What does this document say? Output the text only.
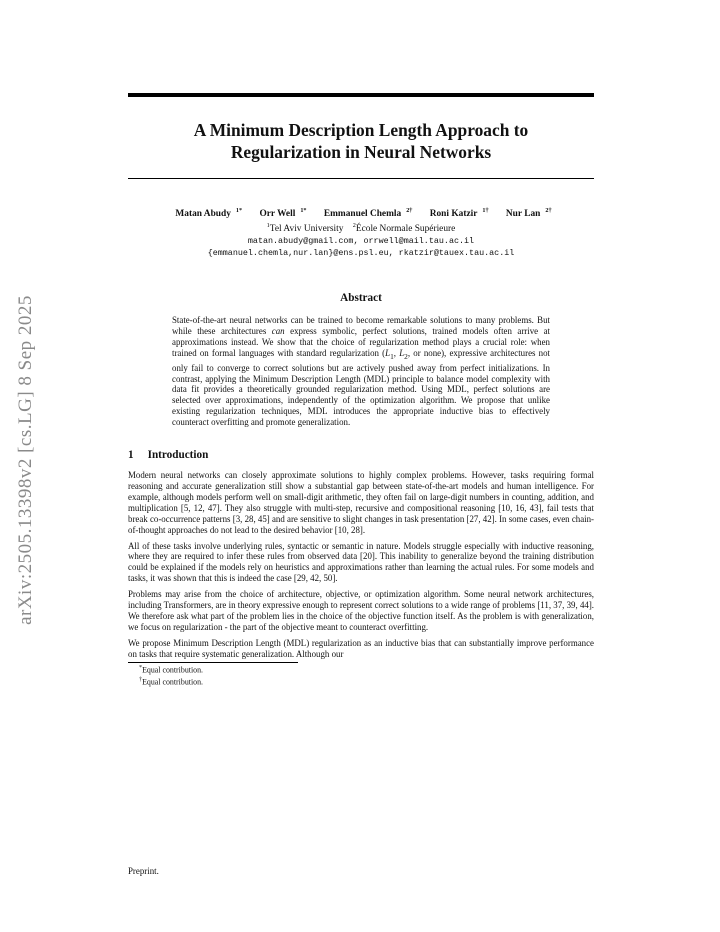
arXiv:2505.13398v2 [cs.LG] 8 Sep 2025
A Minimum Description Length Approach to
Regularization in Neural Networks
Matan Abudy $^{1*}$ Orr Well $^{1*}$ Emmanuel Chemla $^{2\dagger}$ Roni Katzir $^{1\dagger}$ Nur Lan $^{2\dagger}$
$^1$Tel Aviv University $^2$École Normale Supérieure
matan.abudy@gmail.com, orrwell@mail.tau.ac.il
{emmanuel.chemla,nur.lan}@ens.psl.eu, rkatzir@tauex.tau.ac.il
Abstract
State-of-the-art neural networks can be trained to become remarkable solutions to many problems. But while these architectures can express symbolic, perfect solutions, trained models often arrive at approximations instead. We show that the choice of regularization method plays a crucial role: when trained on formal languages with standard regularization ($L_1$, $L_2$, or none), expressive architectures not only fail to converge to correct solutions but are actively pushed away from perfect initializations. In contrast, applying the Minimum Description Length (MDL) principle to balance model complexity with data fit provides a theoretically grounded regularization method. Using MDL, perfect solutions are selected over approximations, independently of the optimization algorithm. We propose that unlike existing regularization techniques, MDL introduces the appropriate inductive bias to effectively counteract overfitting and promote generalization.
1 Introduction
Modern neural networks can closely approximate solutions to highly complex problems. However, tasks requiring formal reasoning and accurate generalization still show a substantial gap between state-of-the-art models and human intelligence. For example, although models perform well on small-digit arithmetic, they often fail on large-digit numbers in counting, addition, and multiplication [5, 12, 47]. They also struggle with multi-step, recursive and compositional reasoning [10, 16, 43], fail tests that break co-occurrence patterns [3, 28, 45] and are sensitive to slight changes in task presentation [27, 42]. In some cases, even chain-of-thought approaches do not lead to the desired behavior [10, 28].
All of these tasks involve underlying rules, syntactic or semantic in nature. Models struggle especially with inductive reasoning, where they are required to infer these rules from observed data [20]. This inability to generalize beyond the training distribution could be explained if the models rely on heuristics and approximations rather than learning the actual rules. For some models and tasks, it was shown that this is indeed the case [29, 42, 50].
Problems may arise from the choice of architecture, objective, or optimization algorithm. Some neural network architectures, including Transformers, are in theory expressive enough to represent correct solutions to a wide range of problems [11, 37, 39, 44]. We therefore ask what part of the problem lies in the choice of the objective function itself. As the problem is with generalization, we focus on regularization - the part of the objective meant to counteract overfitting.
We propose Minimum Description Length (MDL) regularization as an inductive bias that can substantially improve performance on tasks that require systematic generalization. Although our
*Equal contribution.
†Equal contribution.
Preprint.
